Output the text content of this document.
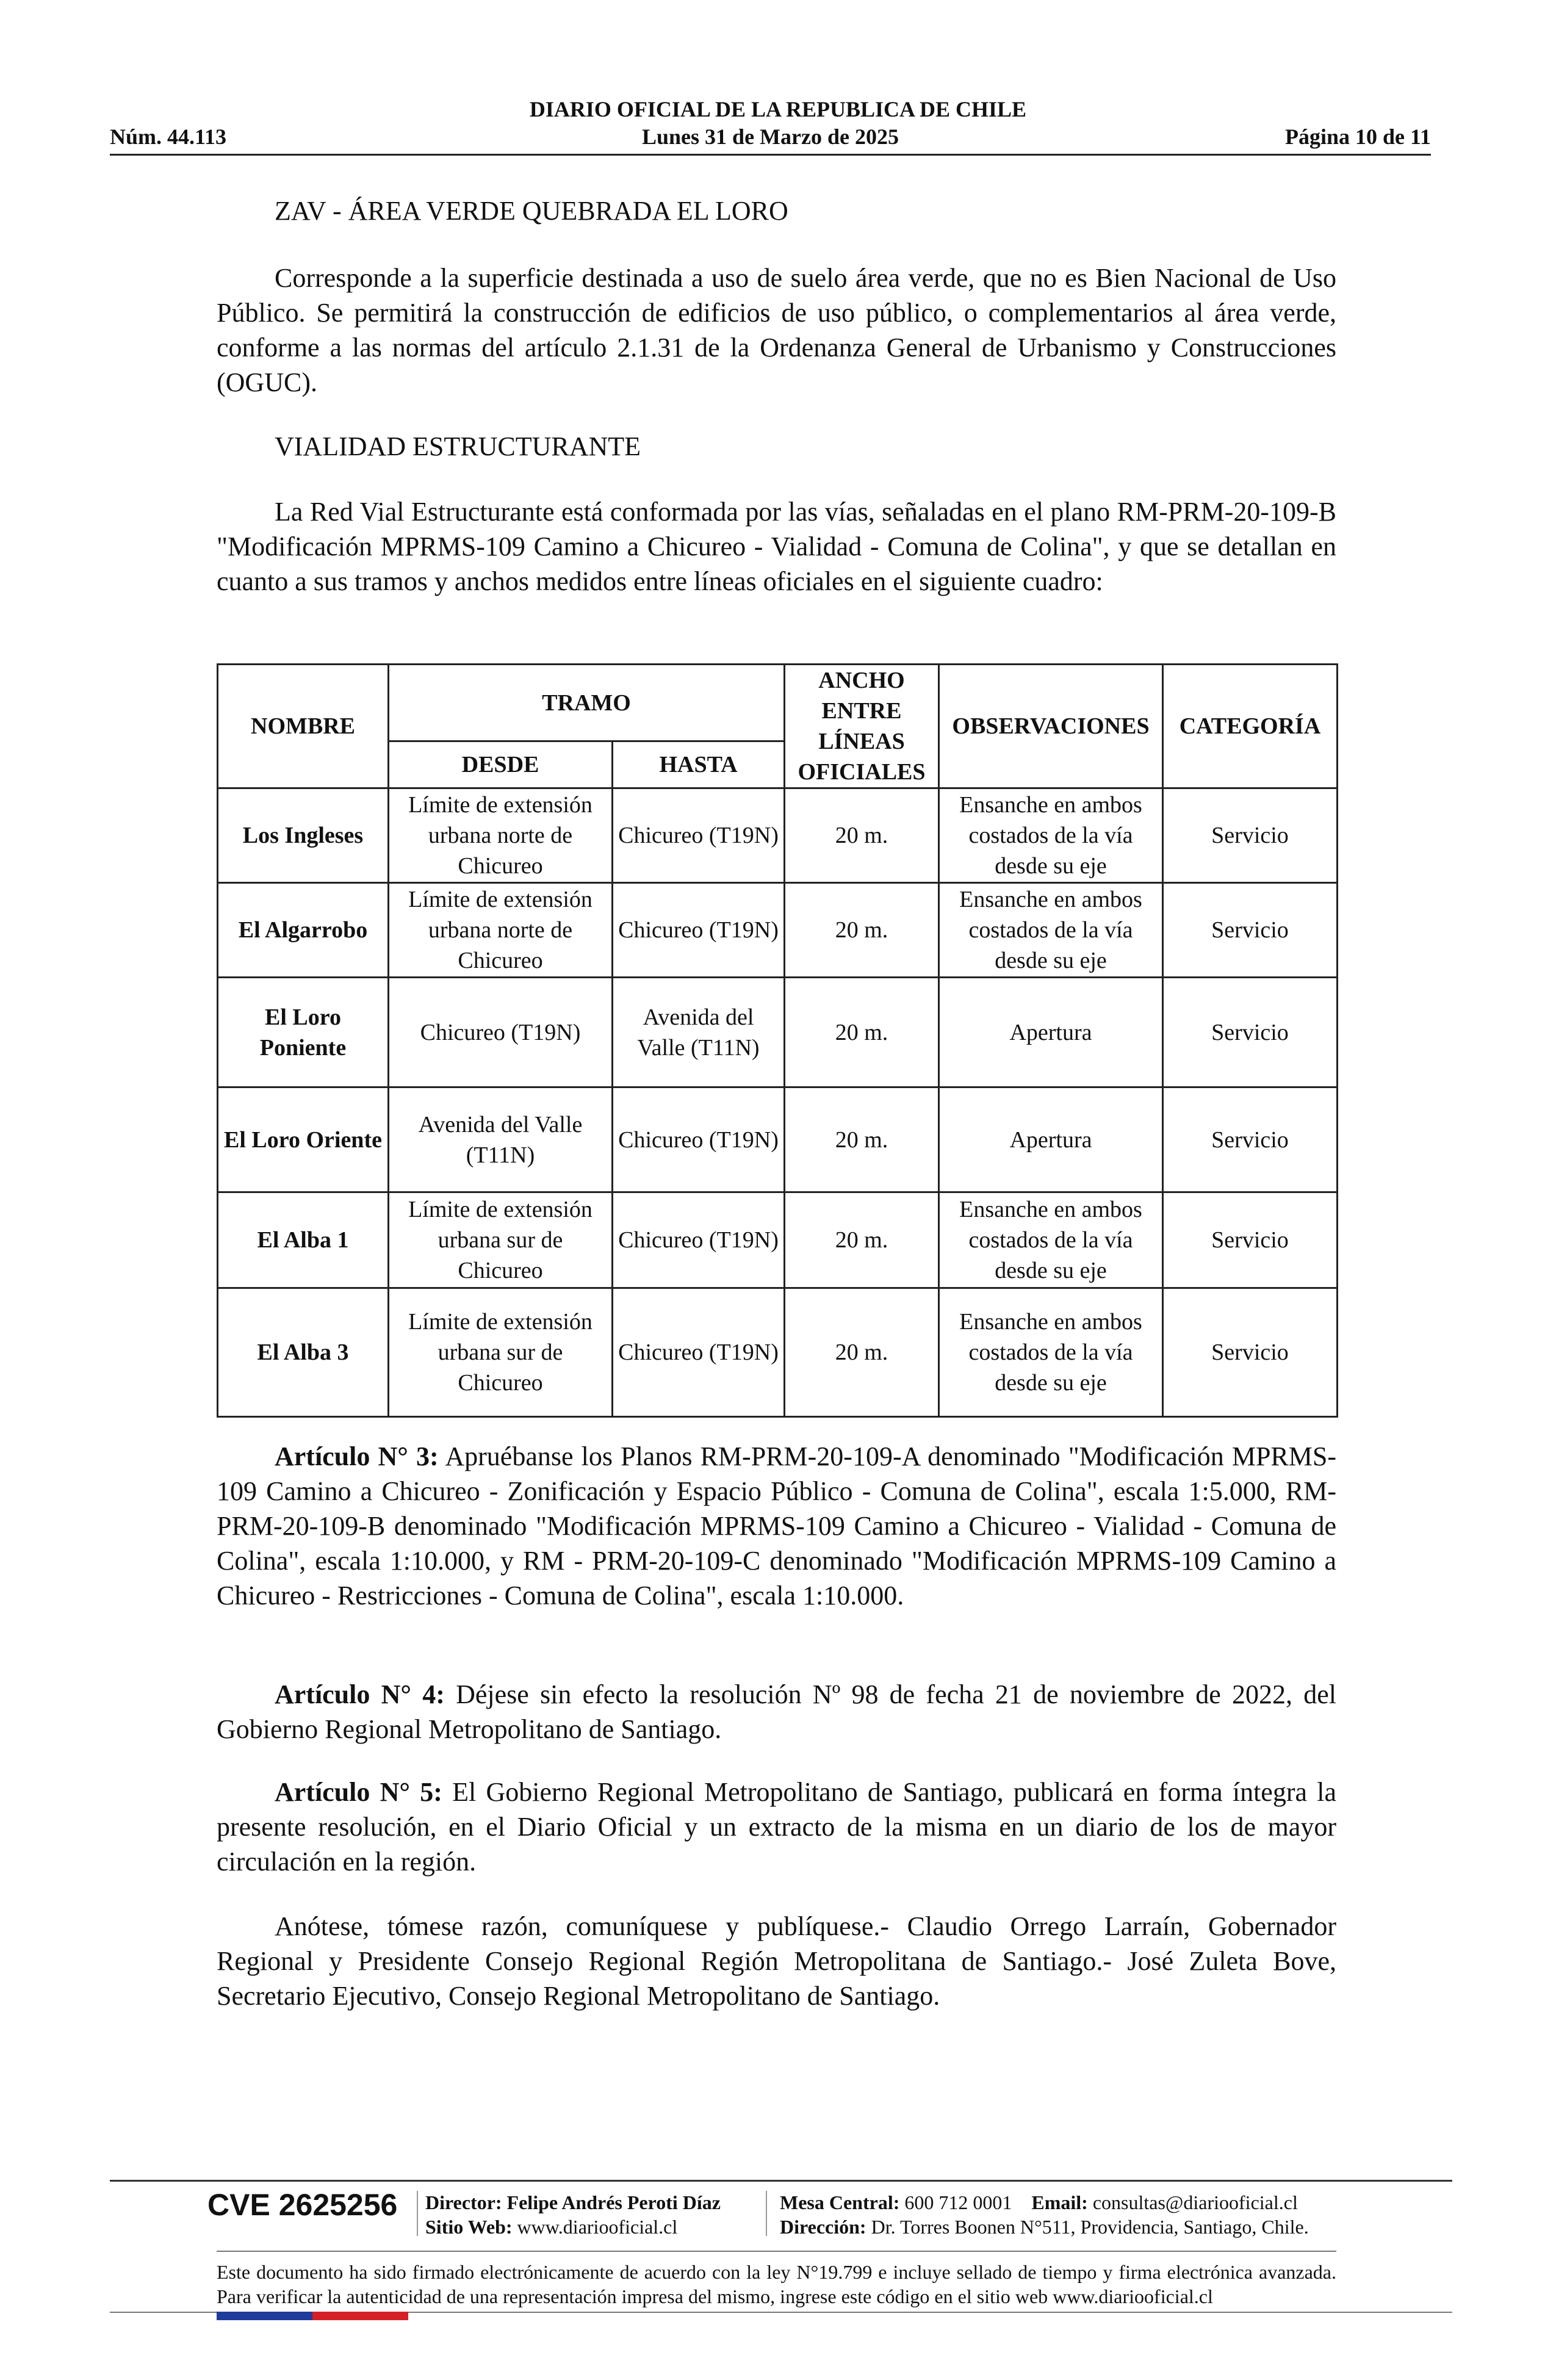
DIARIO OFICIAL DE LA REPUBLICA DE CHILE
Núm. 44.113	Lunes 31 de Marzo de 2025	Página 10 de 11
ZAV - ÁREA VERDE QUEBRADA EL LORO

Corresponde a la superficie destinada a uso de suelo área verde, que no es Bien Nacional de Uso Público. Se permitirá la construcción de edificios de uso público, o complementarios al área verde, conforme a las normas del artículo 2.1.31 de la Ordenanza General de Urbanismo y Construcciones (OGUC).

VIALIDAD ESTRUCTURANTE

La Red Vial Estructurante está conformada por las vías, señaladas en el plano RM-PRM-20-109-B "Modificación MPRMS-109 Camino a Chicureo - Vialidad - Comuna de Colina", y que se detallan en cuanto a sus tramos y anchos medidos entre líneas oficiales en el siguiente cuadro:

NOMBRE	TRAMO		ANCHO ENTRE LÍNEAS OFICIALES	OBSERVACIONES	CATEGORÍA
	DESDE	HASTA			
Los Ingleses	Límite de extensión urbana norte de Chicureo	Chicureo (T19N)	20 m.	Ensanche en ambos costados de la vía desde su eje	Servicio
El Algarrobo	Límite de extensión urbana norte de Chicureo	Chicureo (T19N)	20 m.	Ensanche en ambos costados de la vía desde su eje	Servicio
El Loro Poniente	Chicureo (T19N)	Avenida del Valle (T11N)	20 m.	Apertura	Servicio
El Loro Oriente	Avenida del Valle (T11N)	Chicureo (T19N)	20 m.	Apertura	Servicio
El Alba 1	Límite de extensión urbana sur de Chicureo	Chicureo (T19N)	20 m.	Ensanche en ambos costados de la vía desde su eje	Servicio
El Alba 3	Límite de extensión urbana sur de Chicureo	Chicureo (T19N)	20 m.	Ensanche en ambos costados de la vía desde su eje	Servicio

Artículo N° 3: Apruébanse los Planos RM-PRM-20-109-A denominado "Modificación MPRMS-109 Camino a Chicureo - Zonificación y Espacio Público - Comuna de Colina", escala 1:5.000, RM-PRM-20-109-B denominado "Modificación MPRMS-109 Camino a Chicureo - Vialidad - Comuna de Colina", escala 1:10.000, y RM - PRM-20-109-C denominado "Modificación MPRMS-109 Camino a Chicureo - Restricciones - Comuna de Colina", escala 1:10.000.

Artículo N° 4: Déjese sin efecto la resolución Nº 98 de fecha 21 de noviembre de 2022, del Gobierno Regional Metropolitano de Santiago.

Artículo N° 5: El Gobierno Regional Metropolitano de Santiago, publicará en forma íntegra la presente resolución, en el Diario Oficial y un extracto de la misma en un diario de los de mayor circulación en la región.

Anótese, tómese razón, comuníquese y publíquese.- Claudio Orrego Larraín, Gobernador Regional y Presidente Consejo Regional Región Metropolitana de Santiago.- José Zuleta Bove, Secretario Ejecutivo, Consejo Regional Metropolitano de Santiago.

CVE 2625256 Director: Felipe Andrés Peroti Díaz
Sitio Web: www.diariooficial.cl
Mesa Central: 600 712 0001 Email: consultas@diariooficial.cl
Dirección: Dr. Torres Boonen N°511, Providencia, Santiago, Chile.
Este documento ha sido firmado electrónicamente de acuerdo con la ley N°19.799 e incluye sellado de tiempo y firma electrónica avanzada. Para verificar la autenticidad de una representación impresa del mismo, ingrese este código en el sitio web www.diariooficial.cl
